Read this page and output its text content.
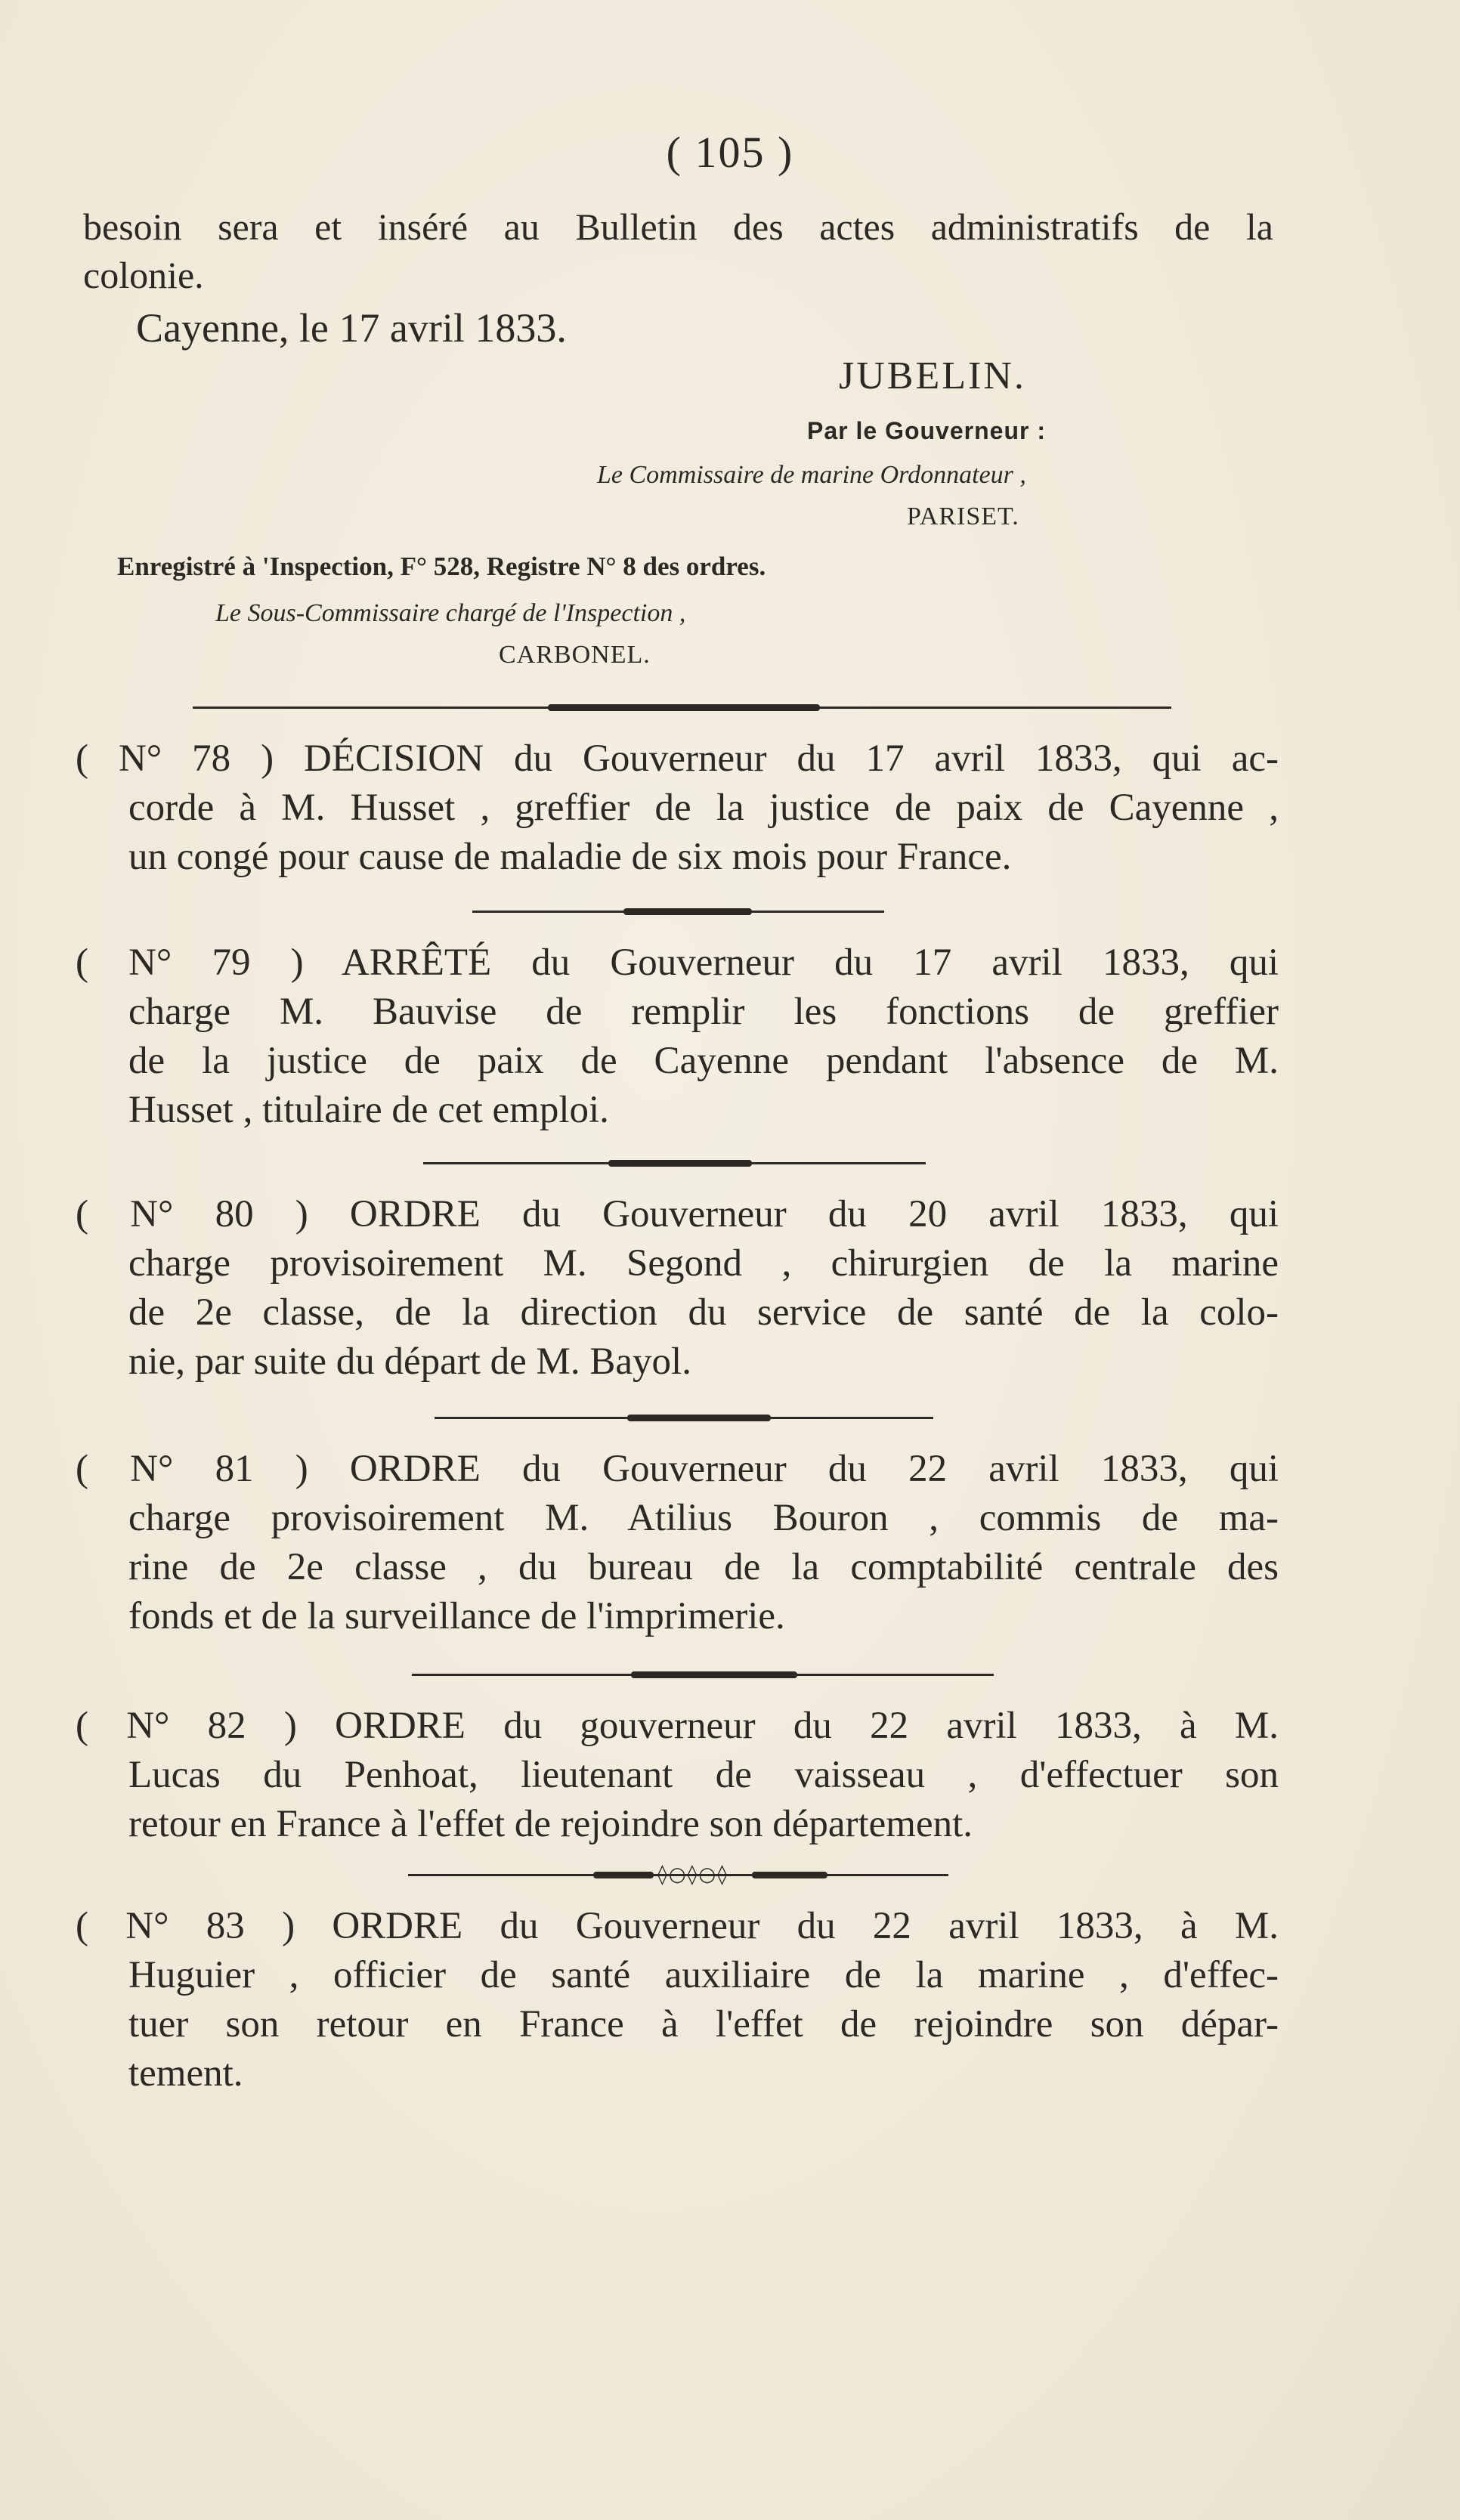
( 105 )
besoin sera et inséré au Bulletin des actes administratifs de la
colonie.
Cayenne, le 17 avril 1833.
JUBELIN.
Par le Gouverneur :
Le Commissaire de marine Ordonnateur ,
PARISET.
Enregistré à 'Inspection, F° 528, Registre N° 8 des ordres.
Le Sous-Commissaire chargé de l'Inspection ,
CARBONEL.
( N° 78 ) DÉCISION du Gouverneur du 17 avril 1833, qui ac-
corde à M. Husset , greffier de la justice de paix de Cayenne ,
un congé pour cause de maladie de six mois pour France.
( N° 79 ) ARRÊTÉ du Gouverneur du 17 avril 1833, qui
charge M. Bauvise de remplir les fonctions de greffier
de la justice de paix de Cayenne pendant l'absence de M.
Husset , titulaire de cet emploi.
( N° 80 ) ORDRE du Gouverneur du 20 avril 1833, qui
charge provisoirement M. Segond , chirurgien de la marine
de 2e classe, de la direction du service de santé de la colo-
nie, par suite du départ de M. Bayol.
( N° 81 ) ORDRE du Gouverneur du 22 avril 1833, qui
charge provisoirement M. Atilius Bouron , commis de ma-
rine de 2e classe , du bureau de la comptabilité centrale des
fonds et de la surveillance de l'imprimerie.
( N° 82 ) ORDRE du gouverneur du 22 avril 1833, à M.
Lucas du Penhoat, lieutenant de vaisseau , d'effectuer son
retour en France à l'effet de rejoindre son département.
◊○◊○◊
( N° 83 ) ORDRE du Gouverneur du 22 avril 1833, à M.
Huguier , officier de santé auxiliaire de la marine , d'effec-
tuer son retour en France à l'effet de rejoindre son dépar-
tement.
